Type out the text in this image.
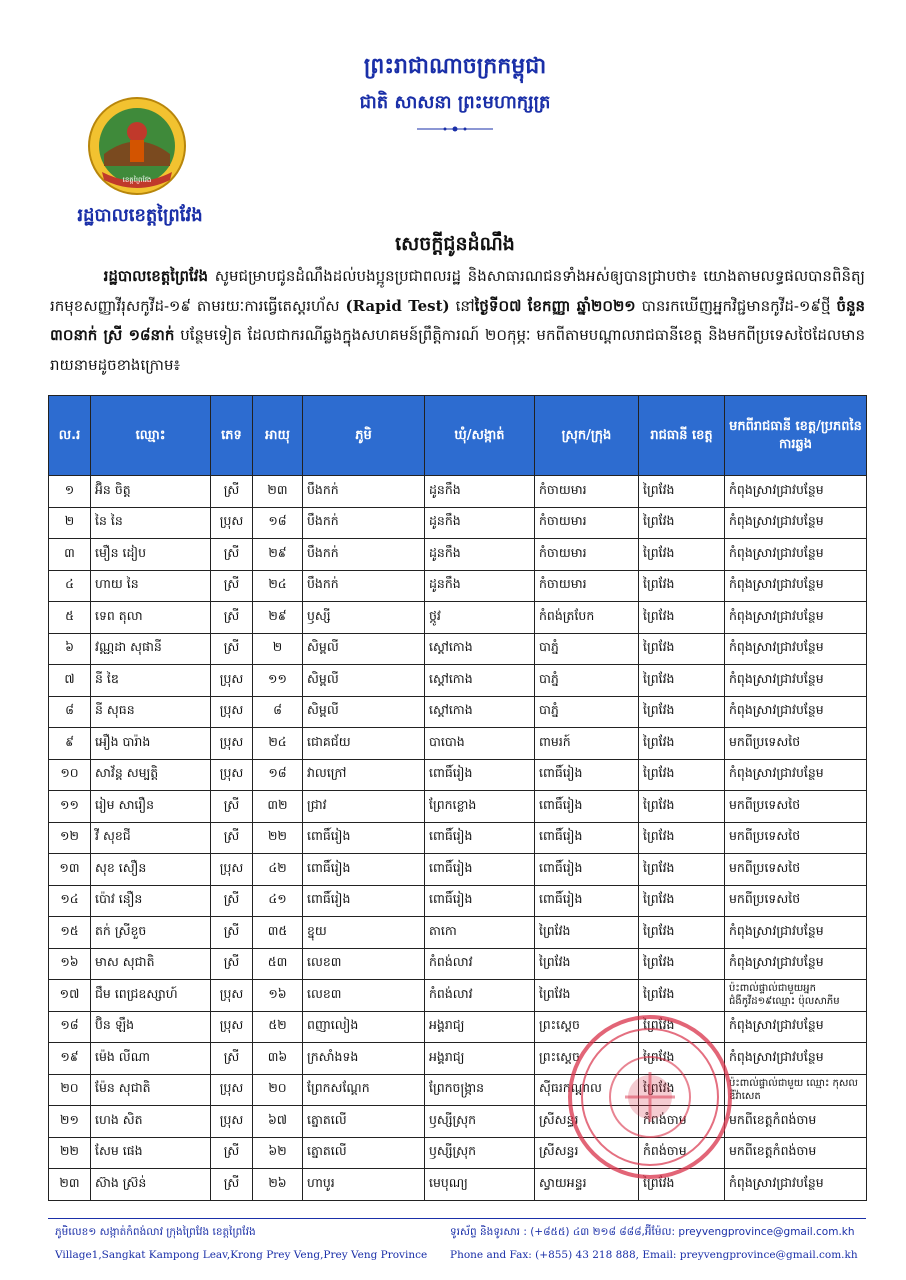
ព្រះរាជាណាចក្រកម្ពុជា
ជាតិ សាសនា ព្រះមហាក្សត្រ
ខេត្តព្រៃវែង
រដ្ឋបាលខេត្តព្រៃវែង
សេចក្ដីជូនដំណឹង
រដ្ឋបាលខេត្តព្រៃវែង សូមជម្រាបជូនដំណឹងដល់បងប្អូនប្រជាពលរដ្ឋ និងសាធារណជនទាំងអស់ឲ្យបានជ្រាបថា៖ យោងតាមលទ្ធផលបានពិនិត្យរកមុខសញ្ញាវីរុសកូវីដ-១៩ តាមរយៈការធ្វើតេស្តរហ័ស (Rapid Test) នៅថ្ងៃទី០៧ ខែកញ្ញា ឆ្នាំ២០២១ បានរកឃើញអ្នកវិជ្ជមានកូវីដ-១៩ថ្មី ចំនួន ៣០នាក់ ស្រី ១៨នាក់ បន្ថែមទៀត ដែលជាករណីឆ្លងក្នុងសហគមន៍ព្រឹត្តិការណ៍ ២០កុម្ភៈ មកពីតាមបណ្ដាលរាជធានីខេត្ត និងមកពីប្រទេសថៃដែលមានរាយនាមដូចខាងក្រោម៖
ល.រ	ឈ្មោះ	ភេទ	អាយុ	ភូមិ	ឃុំ/សង្កាត់	ស្រុក/ក្រុង	រាជធានី ខេត្ត	មកពីរាជធានី ខេត្ត/ប្រភពនៃការឆ្លង
១	អ៊ិន ចិត្ត	ស្រី	២៣	បឹងកក់	ដូនកឹង	កំចាយមារ	ព្រៃវែង	កំពុងស្រាវជ្រាវបន្ថែម
២	នៃ នៃ	ប្រុស	១៨	បឹងកក់	ដូនកឹង	កំចាយមារ	ព្រៃវែង	កំពុងស្រាវជ្រាវបន្ថែម
៣	មឿន ដៀប	ស្រី	២៩	បឹងកក់	ដូនកឹង	កំចាយមារ	ព្រៃវែង	កំពុងស្រាវជ្រាវបន្ថែម
៤	ហាយ នៃ	ស្រី	២៤	បឹងកក់	ដូនកឹង	កំចាយមារ	ព្រៃវែង	កំពុងស្រាវជ្រាវបន្ថែម
៥	ទេព តុលា	ស្រី	២៩	ឫស្សី	ថ្កូវ	កំពង់ត្របែក	ព្រៃវែង	កំពុងស្រាវជ្រាវបន្ថែម
៦	វណ្ណដា សុផានី	ស្រី	២	សិម្ពលី	ស្ដៅកោង	បាភ្នំ	ព្រៃវែង	កំពុងស្រាវជ្រាវបន្ថែម
៧	នី ឌៃ	ប្រុស	១១	សិម្ពលី	ស្ដៅកោង	បាភ្នំ	ព្រៃវែង	កំពុងស្រាវជ្រាវបន្ថែម
៨	នី សុធន	ប្រុស	៨	សិម្ពលី	ស្ដៅកោង	បាភ្នំ	ព្រៃវែង	កំពុងស្រាវជ្រាវបន្ថែម
៩	អឿង បារ៉ាង	ប្រុស	២៤	ជោគជ័យ	បាបោង	ពាមរក៍	ព្រៃវែង	មកពីប្រទេសថៃ
១០	សាវ័ន្ត សម្បត្តិ	ប្រុស	១៨	វាលក្រៅ	ពោធិ៍រៀង	ពោធិ៍រៀង	ព្រៃវែង	កំពុងស្រាវជ្រាវបន្ថែម
១១	រៀម សារឿន	ស្រី	៣២	ជ្រាវ	ព្រែកខ្លោង	ពោធិ៍រៀង	ព្រៃវែង	មកពីប្រទេសថៃ
១២	វី សុខជី	ស្រី	២២	ពោធិ៍រៀង	ពោធិ៍រៀង	ពោធិ៍រៀង	ព្រៃវែង	មកពីប្រទេសថៃ
១៣	សុខ សឿន	ប្រុស	៤២	ពោធិ៍រៀង	ពោធិ៍រៀង	ពោធិ៍រៀង	ព្រៃវែង	មកពីប្រទេសថៃ
១៤	ប៉ោវ នឿន	ស្រី	៤១	ពោធិ៍រៀង	ពោធិ៍រៀង	ពោធិ៍រៀង	ព្រៃវែង	មកពីប្រទេសថៃ
១៥	តក់ ស្រីខួច	ស្រី	៣៥	ខ្នុយ	តាកោ	ព្រៃវែង	ព្រៃវែង	កំពុងស្រាវជ្រាវបន្ថែម
១៦	មាស សុជាតិ	ស្រី	៥៣	លេខ៣	កំពង់លាវ	ព្រៃវែង	ព្រៃវែង	កំពុងស្រាវជ្រាវបន្ថែម
១៧	ជឹម ពេជ្រឧស្សាហ៍	ប្រុស	១៦	លេខ៣	កំពង់លាវ	ព្រៃវែង	ព្រៃវែង	ប៉ះពាល់ផ្ទាល់ជាមួយអ្នកជំងឺកូវីដ១៩ឈ្មោះ ប៉ុលសាភីម
១៨	ប៊ិន ឡឹង	ប្រុស	៥២	ពញាលៀង	អង្គរាជ្យ	ព្រះស្ដេច	ព្រៃវែង	កំពុងស្រាវជ្រាវបន្ថែម
១៩	ម៉េង លីណា	ស្រី	៣៦	ក្រសាំងទង	អង្គរាជ្យ	ព្រះស្ដេច	ព្រៃវែង	កំពុងស្រាវជ្រាវបន្ថែម
២០	ម៉ែន សុជាតិ	ប្រុស	២០	ព្រែកសណ្ដែក	ព្រែកចង្ក្រាន	ស៊ីធរកណ្ដាល	ព្រៃវែង	ប៉ះពាល់ផ្ទាល់ជាមួយ ឈ្មោះ កុសល ឌីវ៉ាសេត
២១	ហេង សិត	ប្រុស	៦៧	ត្នោតលើ	ឫស្សីស្រុក	ស្រីសន្ធរ	កំពង់ចាម	មកពីខេត្តកំពង់ចាម
២២	សែម ផេង	ស្រី	៦២	ត្នោតលើ	ឫស្សីស្រុក	ស្រីសន្ធរ	កំពង់ចាម	មកពីខេត្តកំពង់ចាម
២៣	ស៊ាង ស្រ៊ន់	ស្រី	២៦	ហាបូរ	មេបុណ្យ	ស្វាយអន្ទរ	ព្រៃវែង	កំពុងស្រាវជ្រាវបន្ថែម
ភូមិលេខ១ សង្កាត់កំពង់លាវ ក្រុងព្រៃវែង ខេត្តព្រៃវែង
Village1,Sangkat Kampong Leav,Krong Prey Veng,Prey Veng Province
ទូរស័ព្ទ និងទូរសារ : (+៨៥៥) ៤៣ ២១៨ ៨៨៨,អ៊ីម៉ែល: preyvengprovince@gmail.com.kh
Phone and Fax: (+855) 43 218 888, Email: preyvengprovince@gmail.com.kh
